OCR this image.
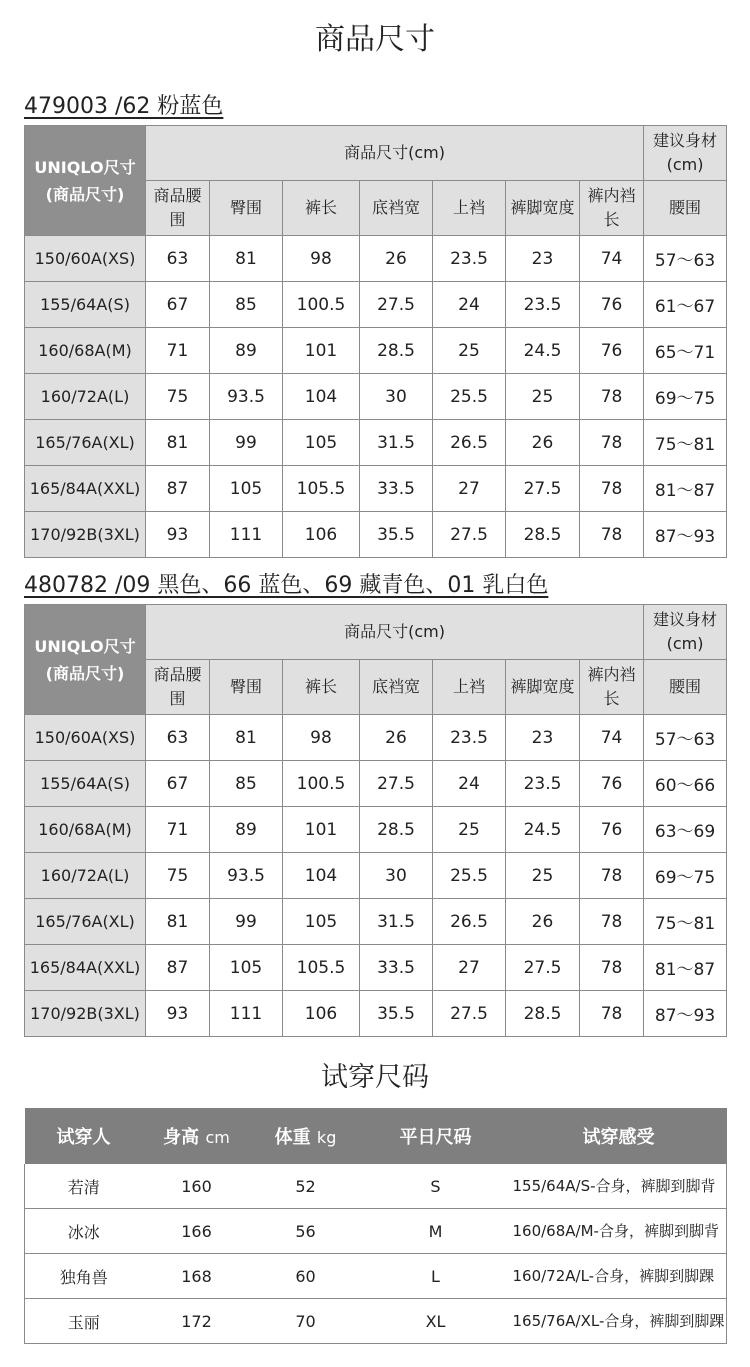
商品尺寸
479003 /62 粉蓝色
UNIQLO尺寸
(商品尺寸)	商品尺寸(cm)							建议身材(cm)
	商品腰围	臀围	裤长	底裆宽	上裆	裤脚宽度	裤内裆长	腰围
150/60A(XS)	63	81	98	26	23.5	23	74	57～63
155/64A(S)	67	85	100.5	27.5	24	23.5	76	61～67
160/68A(M)	71	89	101	28.5	25	24.5	76	65～71
160/72A(L)	75	93.5	104	30	25.5	25	78	69～75
165/76A(XL)	81	99	105	31.5	26.5	26	78	75～81
165/84A(XXL)	87	105	105.5	33.5	27	27.5	78	81～87
170/92B(3XL)	93	111	106	35.5	27.5	28.5	78	87～93
480782 /09 黑色、66 蓝色、69 藏青色、01 乳白色
UNIQLO尺寸
(商品尺寸)	商品尺寸(cm)							建议身材(cm)
	商品腰围	臀围	裤长	底裆宽	上裆	裤脚宽度	裤内裆长	腰围
150/60A(XS)	63	81	98	26	23.5	23	74	57～63
155/64A(S)	67	85	100.5	27.5	24	23.5	76	60～66
160/68A(M)	71	89	101	28.5	25	24.5	76	63～69
160/72A(L)	75	93.5	104	30	25.5	25	78	69～75
165/76A(XL)	81	99	105	31.5	26.5	26	78	75～81
165/84A(XXL)	87	105	105.5	33.5	27	27.5	78	81～87
170/92B(3XL)	93	111	106	35.5	27.5	28.5	78	87～93
试穿尺码
试穿人	身高 cm	体重 kg	平日尺码	试穿感受
若清	160	52	S	155/64A/S-合身，裤脚到脚背
冰冰	166	56	M	160/68A/M-合身，裤脚到脚背
独角兽	168	60	L	160/72A/L-合身，裤脚到脚踝
玉丽	172	70	XL	165/76A/XL-合身，裤脚到脚踝
